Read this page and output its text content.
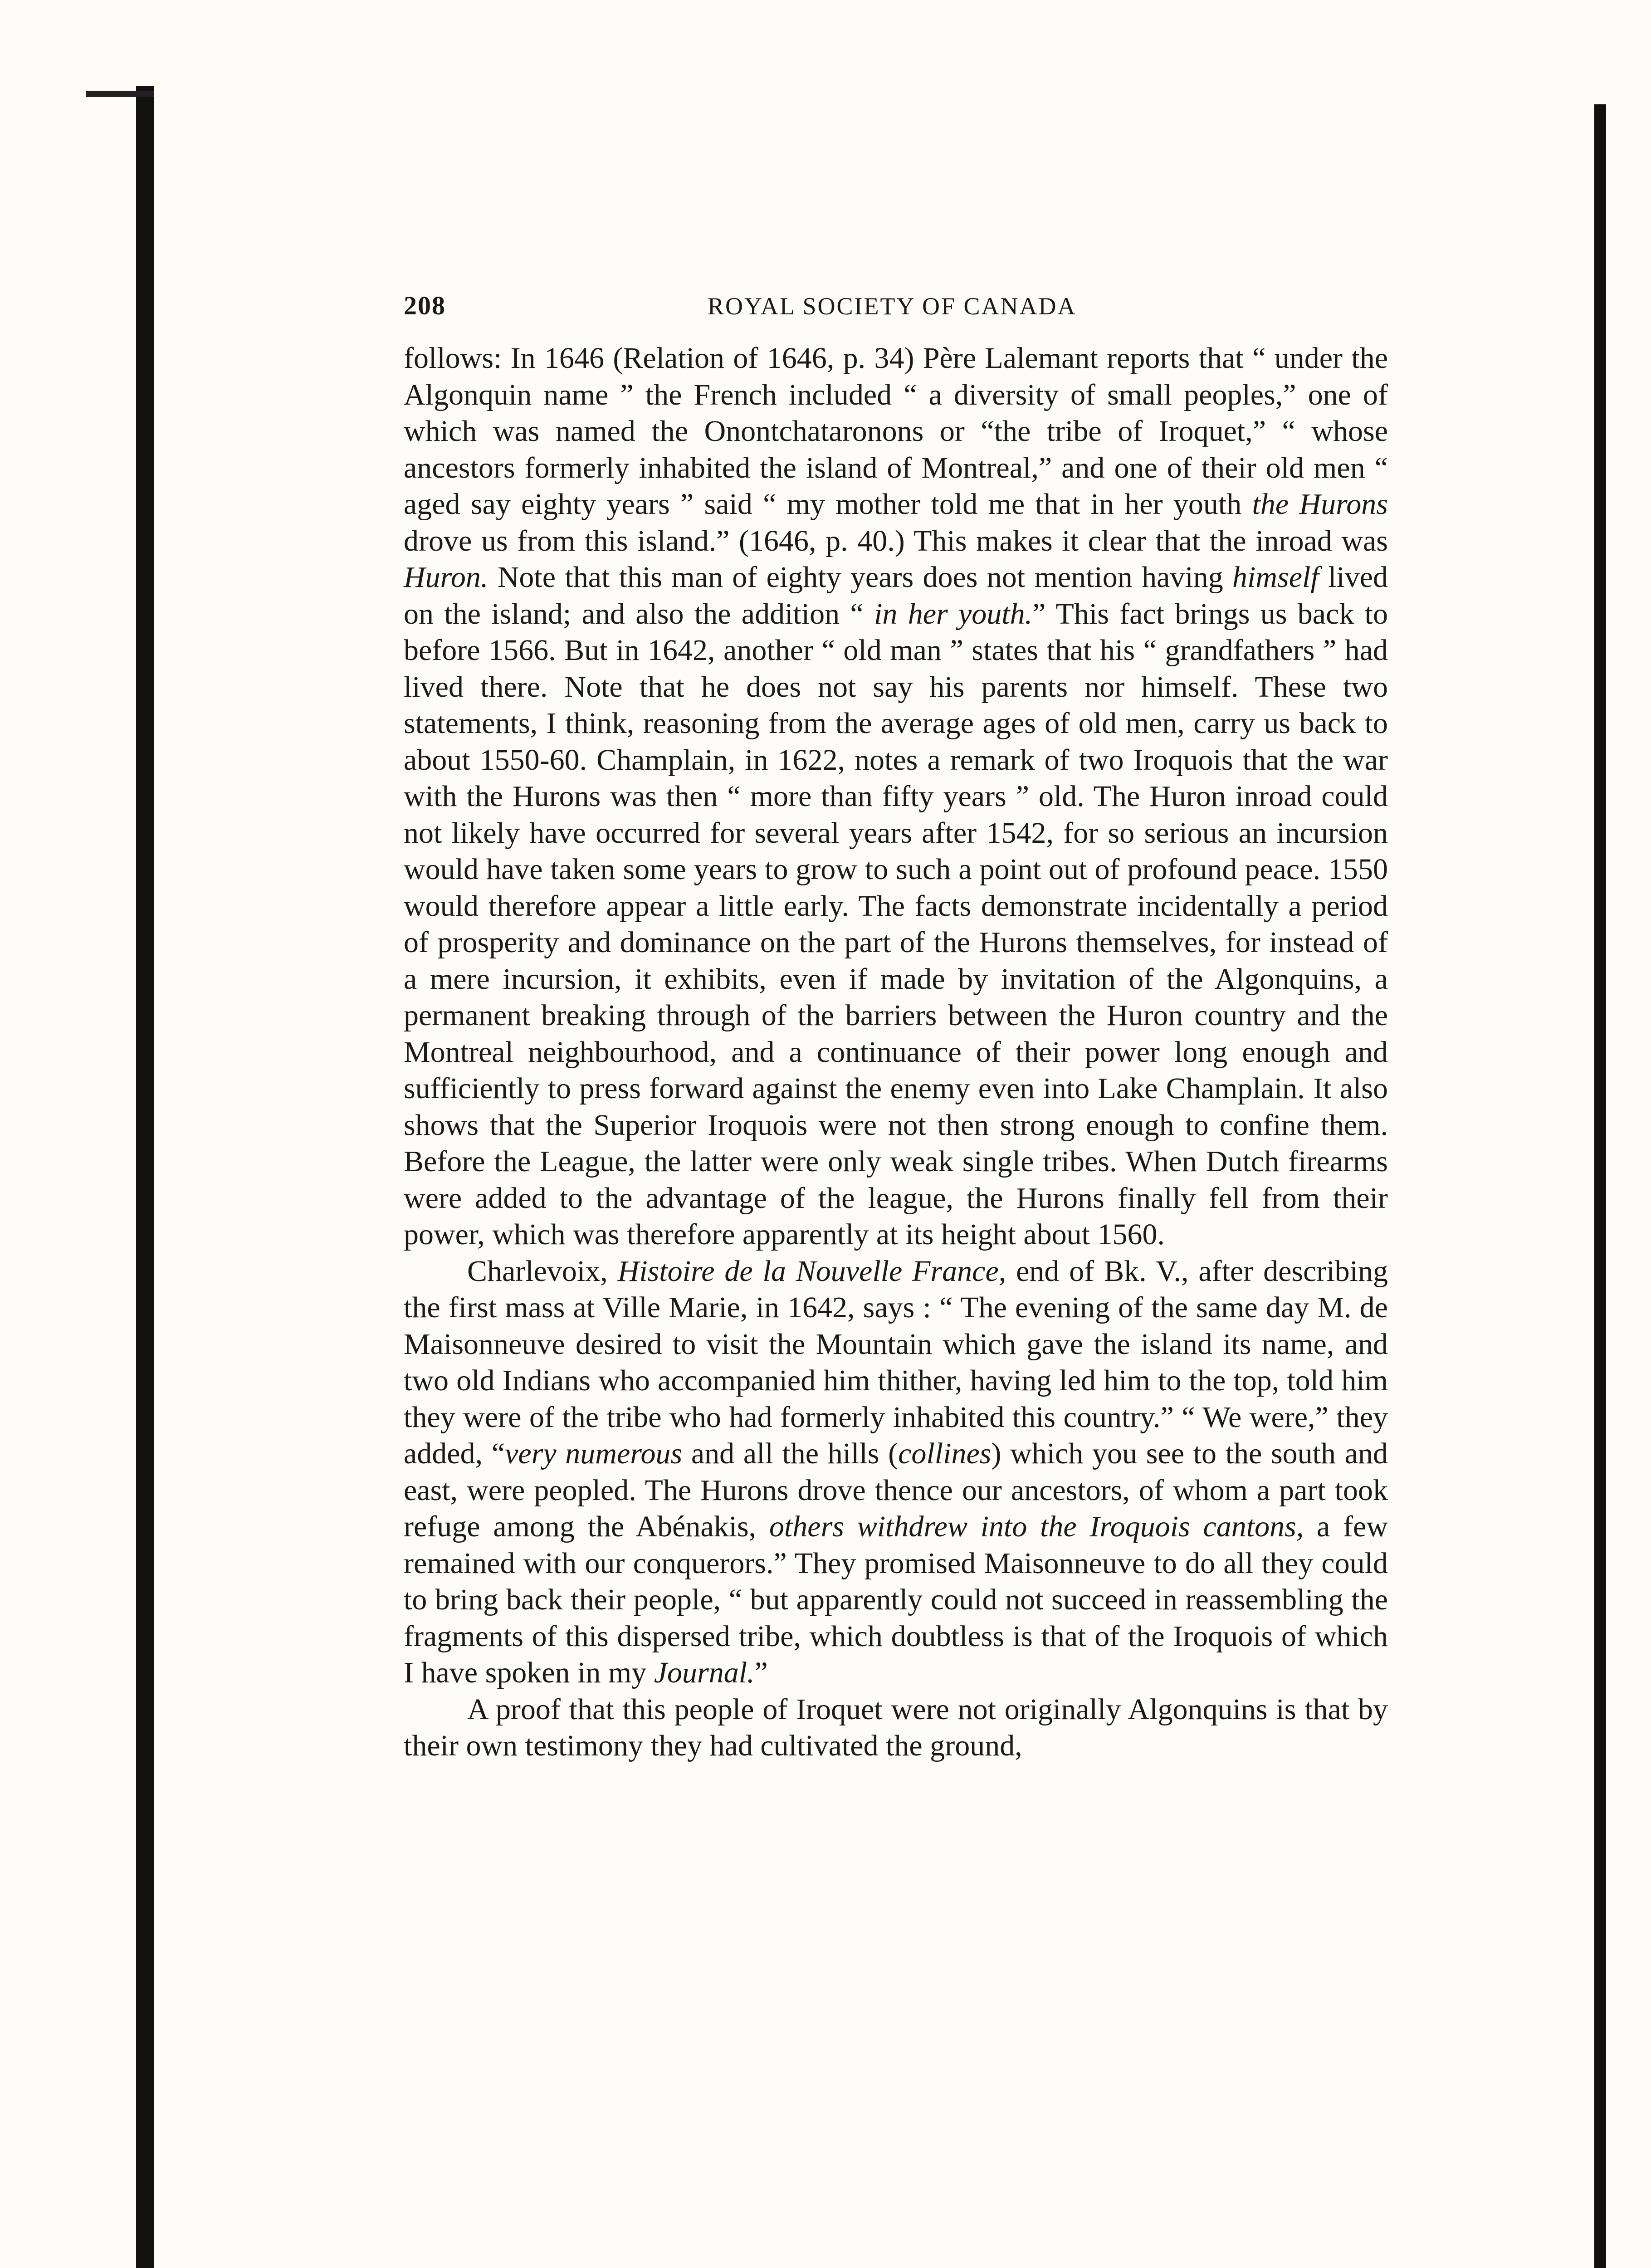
208	ROYAL SOCIETY OF CANADA

follows: In 1646 (Relation of 1646, p. 34) Père Lalemant reports that “ under the Algonquin name ” the French included “ a diversity of small peoples,” one of which was named the Onontchataronons or “the tribe of Iroquet,” “ whose ancestors formerly inhabited the island of Montreal,” and one of their old men “ aged say eighty years ” said “ my mother told me that in her youth the Hurons drove us from this island.” (1646, p. 40.) This makes it clear that the inroad was Huron. Note that this man of eighty years does not mention having himself lived on the island; and also the addition “ in her youth.” This fact brings us back to before 1566. But in 1642, another “ old man ” states that his “ grandfathers ” had lived there. Note that he does not say his parents nor himself. These two statements, I think, reasoning from the average ages of old men, carry us back to about 1550-60. Champlain, in 1622, notes a remark of two Iroquois that the war with the Hurons was then “ more than fifty years ” old. The Huron inroad could not likely have occurred for several years after 1542, for so serious an incursion would have taken some years to grow to such a point out of profound peace. 1550 would therefore appear a little early. The facts demonstrate incidentally a period of prosperity and dominance on the part of the Hurons themselves, for instead of a mere incursion, it exhibits, even if made by invitation of the Algonquins, a permanent breaking through of the barriers between the Huron country and the Montreal neighbourhood, and a continuance of their power long enough and sufficiently to press forward against the enemy even into Lake Champlain. It also shows that the Superior Iroquois were not then strong enough to confine them. Before the League, the latter were only weak single tribes. When Dutch firearms were added to the advantage of the league, the Hurons finally fell from their power, which was therefore apparently at its height about 1560.

Charlevoix, Histoire de la Nouvelle France, end of Bk. V., after describing the first mass at Ville Marie, in 1642, says : “ The evening of the same day M. de Maisonneuve desired to visit the Mountain which gave the island its name, and two old Indians who accompanied him thither, having led him to the top, told him they were of the tribe who had formerly inhabited this country.” “ We were,” they added, “very numerous and all the hills (collines) which you see to the south and east, were peopled. The Hurons drove thence our ancestors, of whom a part took refuge among the Abénakis, others withdrew into the Iroquois cantons, a few remained with our conquerors.” They promised Maisonneuve to do all they could to bring back their people, “ but apparently could not succeed in reassembling the fragments of this dispersed tribe, which doubtless is that of the Iroquois of which I have spoken in my Journal.”

A proof that this people of Iroquet were not originally Algonquins is that by their own testimony they had cultivated the ground,
